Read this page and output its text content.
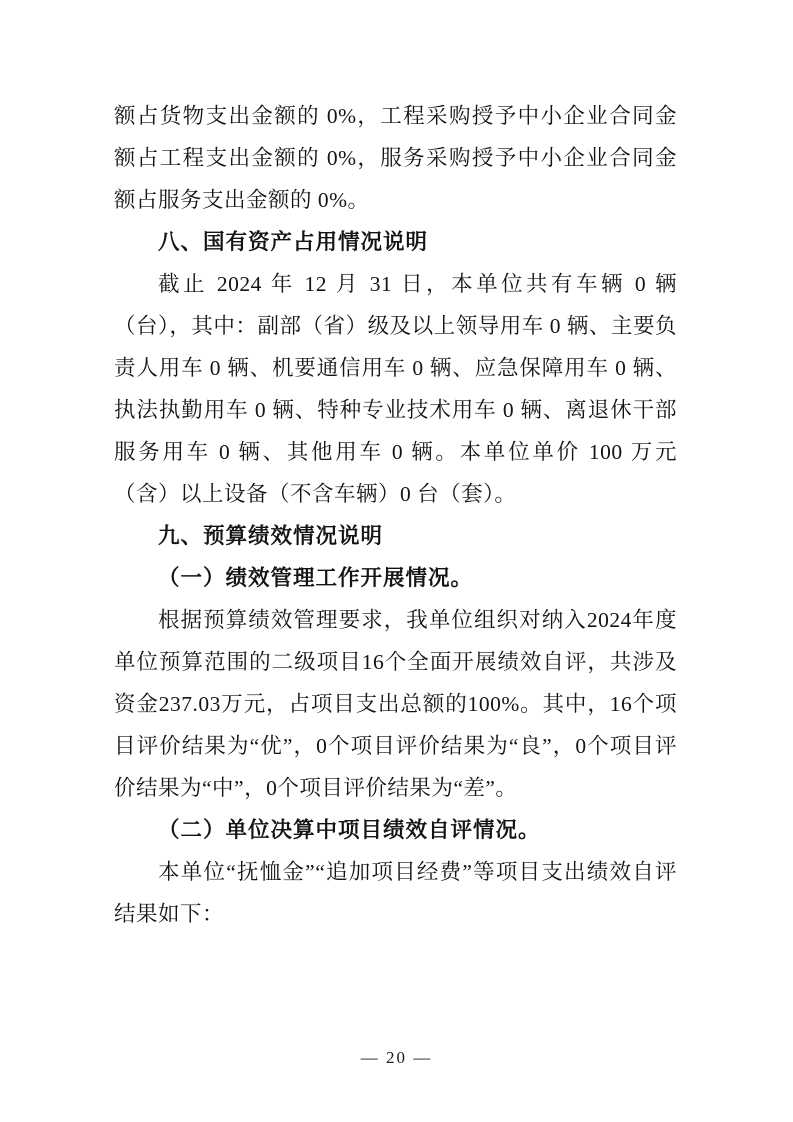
额占货物支出金额的 0%，工程采购授予中小企业合同金额占工程支出金额的 0%，服务采购授予中小企业合同金额占服务支出金额的 0%。

八、国有资产占用情况说明

截止 2024 年 12 月 31 日，本单位共有车辆 0 辆（台），其中：副部（省）级及以上领导用车 0 辆、主要负责人用车 0 辆、机要通信用车 0 辆、应急保障用车 0 辆、执法执勤用车 0 辆、特种专业技术用车 0 辆、离退休干部服务用车 0 辆、其他用车 0 辆。本单位单价 100 万元（含）以上设备（不含车辆）0 台（套）。

九、预算绩效情况说明
（一）绩效管理工作开展情况。

根据预算绩效管理要求，我单位组织对纳入2024年度单位预算范围的二级项目16个全面开展绩效自评，共涉及资金237.03万元，占项目支出总额的100%。其中，16个项目评价结果为“优”，0个项目评价结果为“良”，0个项目评价结果为“中”，0个项目评价结果为“差”。

（二）单位决算中项目绩效自评情况。

本单位“抚恤金”“追加项目经费”等项目支出绩效自评结果如下：

— 20 —
